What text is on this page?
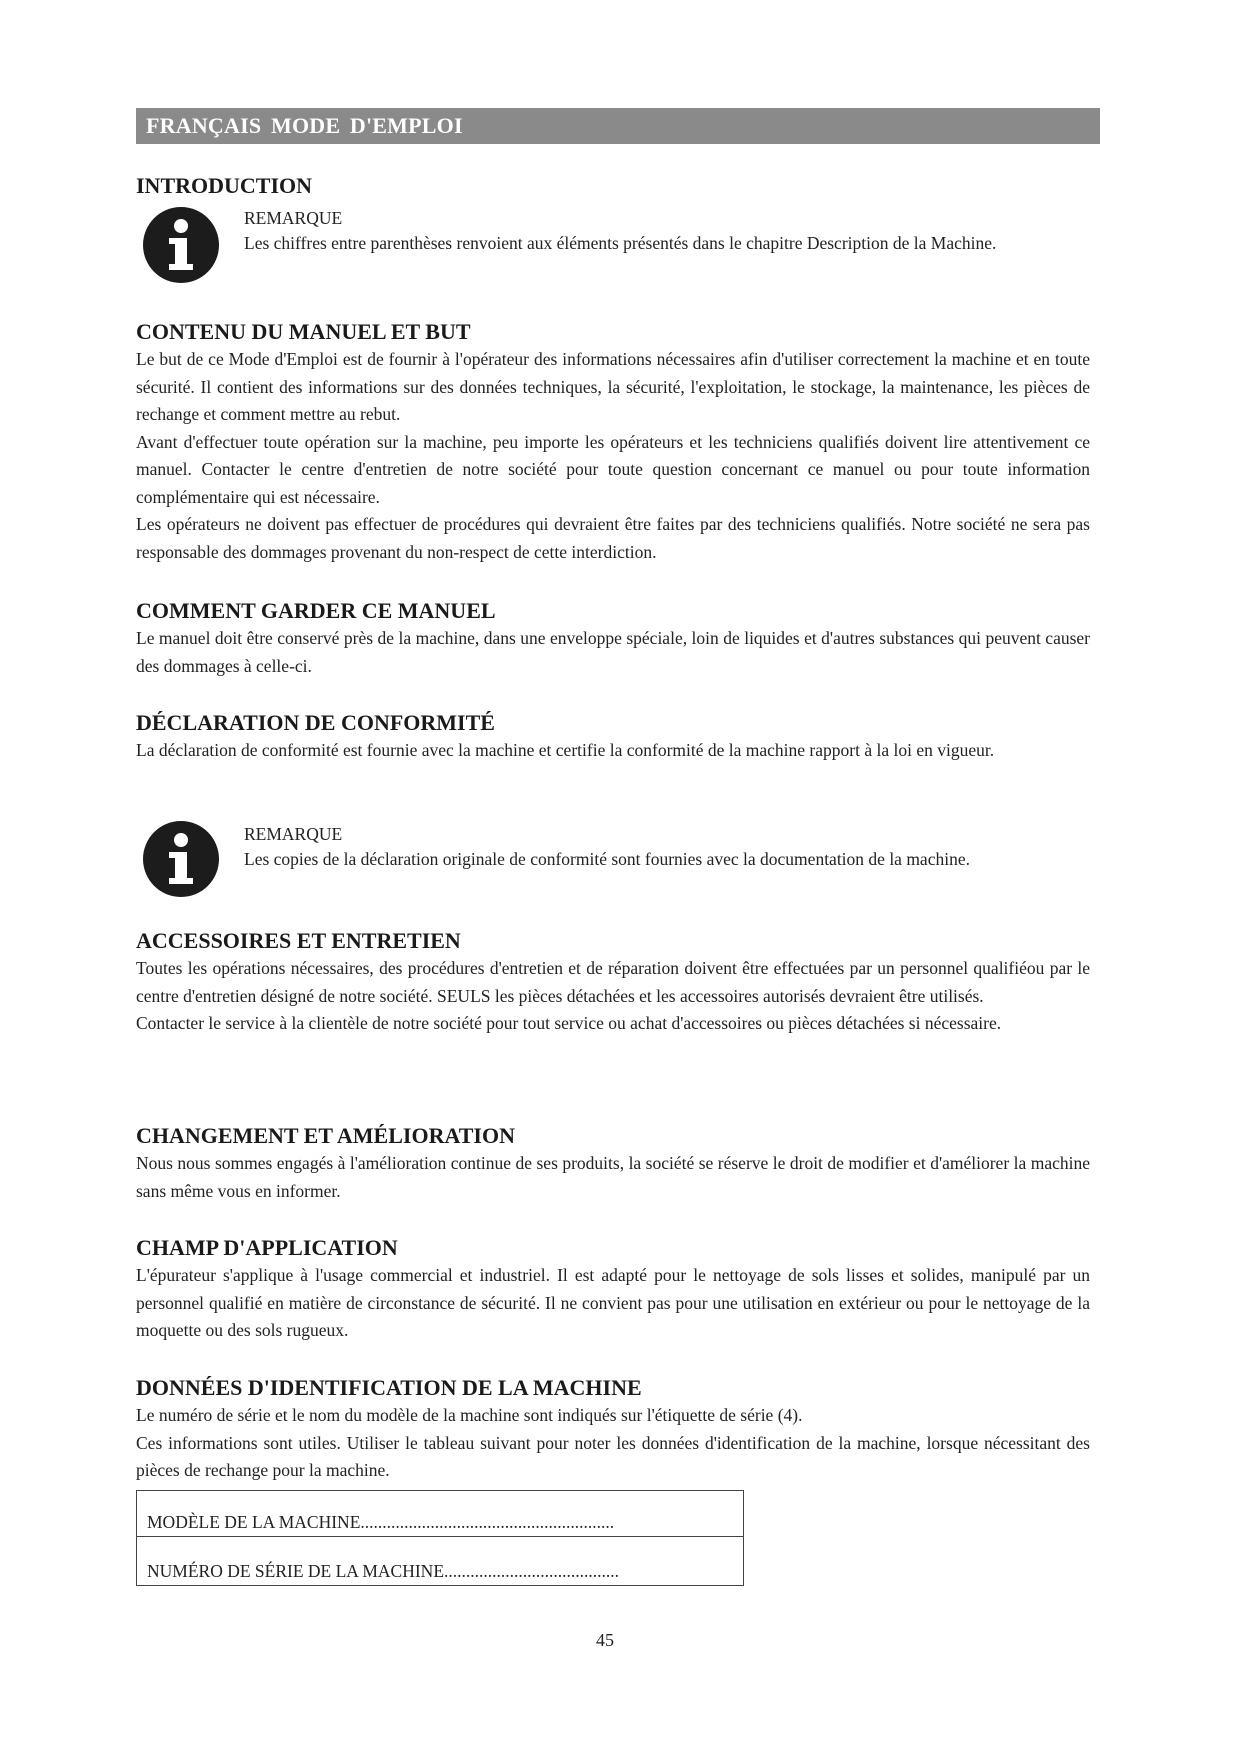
FRANÇAIS MODE D'EMPLOI
INTRODUCTION
REMARQUE
Les chiffres entre parenthèses renvoient aux éléments présentés dans le chapitre Description de la Machine.
CONTENU DU MANUEL ET BUT

Le but de ce Mode d'Emploi est de fournir à l'opérateur des informations nécessaires afin d'utiliser correctement la machine et en toute sécurité. Il contient des informations sur des données techniques, la sécurité, l'exploitation, le stockage, la maintenance, les pièces de rechange et comment mettre au rebut.

Avant d'effectuer toute opération sur la machine, peu importe les opérateurs et les techniciens qualifiés doivent lire attentivement ce manuel. Contacter le centre d'entretien de notre société pour toute question concernant ce manuel ou pour toute information complémentaire qui est nécessaire.

Les opérateurs ne doivent pas effectuer de procédures qui devraient être faites par des techniciens qualifiés. Notre société ne sera pas responsable des dommages provenant du non-respect de cette interdiction.

COMMENT GARDER CE MANUEL

Le manuel doit être conservé près de la machine, dans une enveloppe spéciale, loin de liquides et d'autres substances qui peuvent causer des dommages à celle-ci.

DÉCLARATION DE CONFORMITÉ

La déclaration de conformité est fournie avec la machine et certifie la conformité de la machine rapport à la loi en vigueur.

REMARQUE
Les copies de la déclaration originale de conformité sont fournies avec la documentation de la machine.
ACCESSOIRES ET ENTRETIEN

Toutes les opérations nécessaires, des procédures d'entretien et de réparation doivent être effectuées par un personnel qualifiéou par le centre d'entretien désigné de notre société. SEULS les pièces détachées et les accessoires autorisés devraient être utilisés.

Contacter le service à la clientèle de notre société pour tout service ou achat d'accessoires ou pièces détachées si nécessaire.

CHANGEMENT ET AMÉLIORATION

Nous nous sommes engagés à l'amélioration continue de ses produits, la société se réserve le droit de modifier et d'améliorer la machine sans même vous en informer.

CHAMP D'APPLICATION

L'épurateur s'applique à l'usage commercial et industriel. Il est adapté pour le nettoyage de sols lisses et solides, manipulé par un personnel qualifié en matière de circonstance de sécurité. Il ne convient pas pour une utilisation en extérieur ou pour le nettoyage de la moquette ou des sols rugueux.

DONNÉES D'IDENTIFICATION DE LA MACHINE

Le numéro de série et le nom du modèle de la machine sont indiqués sur l'étiquette de série (4).

Ces informations sont utiles. Utiliser le tableau suivant pour noter les données d'identification de la machine, lorsque nécessitant des pièces de rechange pour la machine.

MODÈLE DE LA MACHINE..........................................................
NUMÉRO DE SÉRIE DE LA MACHINE........................................
45
